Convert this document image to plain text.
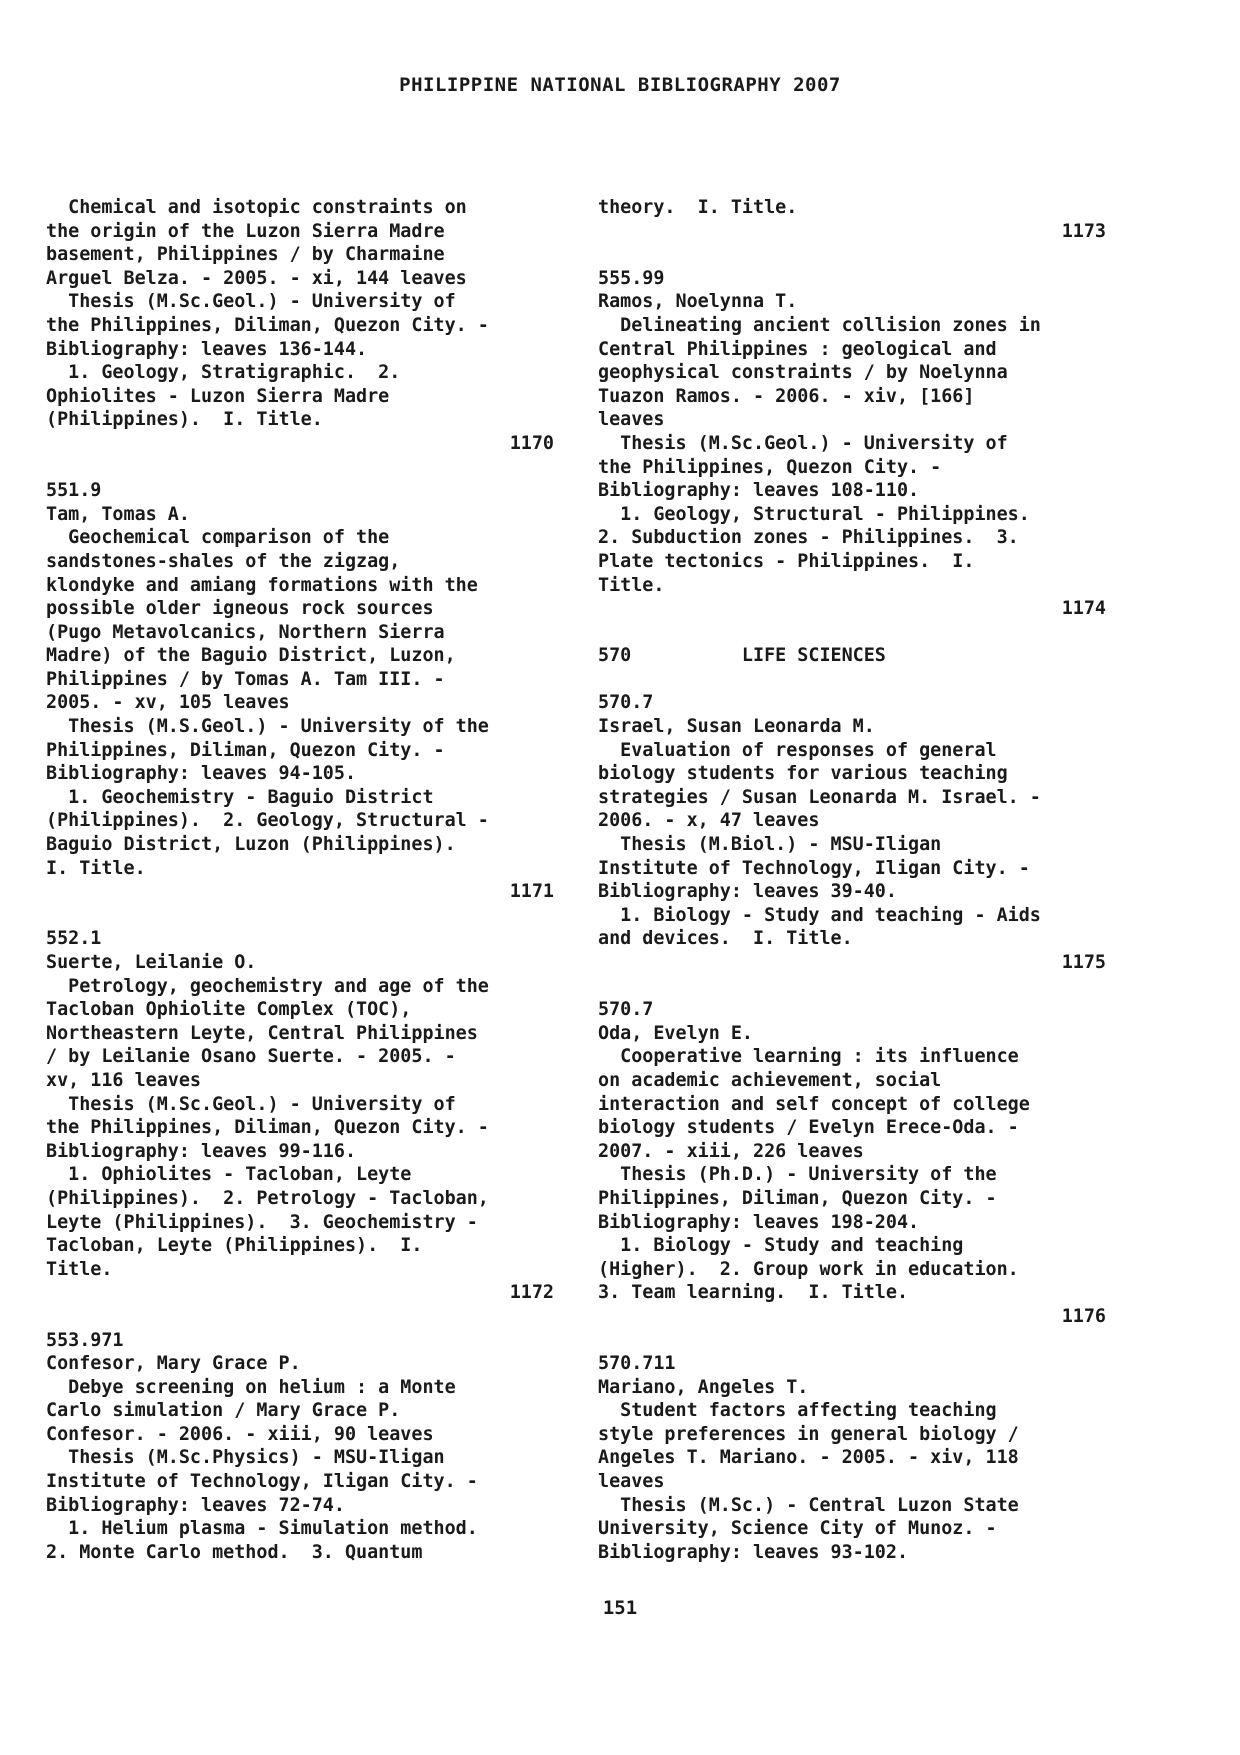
PHILIPPINE NATIONAL BIBLIOGRAPHY 2007
Chemical and isotopic constraints on
the origin of the Luzon Sierra Madre
basement, Philippines / by Charmaine
Arguel Belza. - 2005. - xi, 144 leaves
Thesis (M.Sc.Geol.) - University of
the Philippines, Diliman, Quezon City. -
Bibliography: leaves 136-144.
1. Geology, Stratigraphic.  2.
Ophiolites - Luzon Sierra Madre
(Philippines).  I. Title.
1170
551.9
Tam, Tomas A.
Geochemical comparison of the
sandstones-shales of the zigzag,
klondyke and amiang formations with the
possible older igneous rock sources
(Pugo Metavolcanics, Northern Sierra
Madre) of the Baguio District, Luzon,
Philippines / by Tomas A. Tam III. -
2005. - xv, 105 leaves
Thesis (M.S.Geol.) - University of the
Philippines, Diliman, Quezon City. -
Bibliography: leaves 94-105.
1. Geochemistry - Baguio District
(Philippines).  2. Geology, Structural -
Baguio District, Luzon (Philippines).
I. Title.
1171
552.1
Suerte, Leilanie O.
Petrology, geochemistry and age of the
Tacloban Ophiolite Complex (TOC),
Northeastern Leyte, Central Philippines
/ by Leilanie Osano Suerte. - 2005. -
xv, 116 leaves
Thesis (M.Sc.Geol.) - University of
the Philippines, Diliman, Quezon City. -
Bibliography: leaves 99-116.
1. Ophiolites - Tacloban, Leyte
(Philippines).  2. Petrology - Tacloban,
Leyte (Philippines).  3. Geochemistry -
Tacloban, Leyte (Philippines).  I.
Title.
1172
553.971
Confesor, Mary Grace P.
Debye screening on helium : a Monte
Carlo simulation / Mary Grace P.
Confesor. - 2006. - xiii, 90 leaves
Thesis (M.Sc.Physics) - MSU-Iligan
Institute of Technology, Iligan City. -
Bibliography: leaves 72-74.
1. Helium plasma - Simulation method.
2. Monte Carlo method.  3. Quantum
theory.  I. Title.
1173
555.99
Ramos, Noelynna T.
Delineating ancient collision zones in
Central Philippines : geological and
geophysical constraints / by Noelynna
Tuazon Ramos. - 2006. - xiv, [166]
leaves
Thesis (M.Sc.Geol.) - University of
the Philippines, Quezon City. -
Bibliography: leaves 108-110.
1. Geology, Structural - Philippines.
2. Subduction zones - Philippines.  3.
Plate tectonics - Philippines.  I.
Title.
1174
570          LIFE SCIENCES
570.7
Israel, Susan Leonarda M.
Evaluation of responses of general
biology students for various teaching
strategies / Susan Leonarda M. Israel. -
2006. - x, 47 leaves
Thesis (M.Biol.) - MSU-Iligan
Institute of Technology, Iligan City. -
Bibliography: leaves 39-40.
1. Biology - Study and teaching - Aids
and devices.  I. Title.
1175
570.7
Oda, Evelyn E.
Cooperative learning : its influence
on academic achievement, social
interaction and self concept of college
biology students / Evelyn Erece-Oda. -
2007. - xiii, 226 leaves
Thesis (Ph.D.) - University of the
Philippines, Diliman, Quezon City. -
Bibliography: leaves 198-204.
1. Biology - Study and teaching
(Higher).  2. Group work in education.
3. Team learning.  I. Title.
1176
570.711
Mariano, Angeles T.
Student factors affecting teaching
style preferences in general biology /
Angeles T. Mariano. - 2005. - xiv, 118
leaves
Thesis (M.Sc.) - Central Luzon State
University, Science City of Munoz. -
Bibliography: leaves 93-102.
151
